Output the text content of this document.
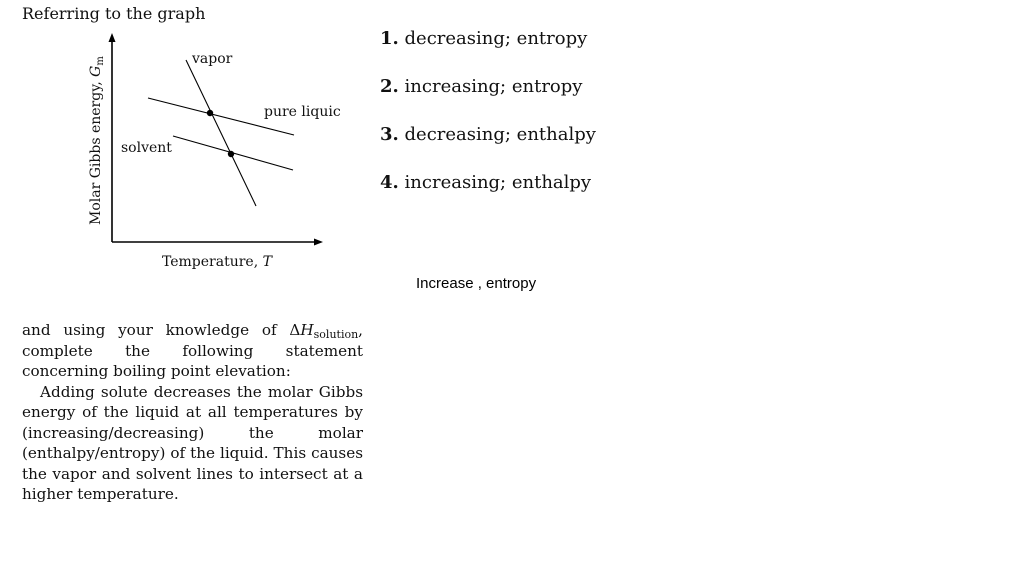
Referring to the graph
Molar Gibbs energy, $G_m$	vapor
pure liquic
solvent
Temperature, T
1. decreasing; entropy
2. increasing; entropy
3. decreasing; enthalpy
4. increasing; enthalpy
Increase , entropy

and using your knowledge of $\Delta H_{solution}$, complete the following statement concerning boiling point elevation:

Adding solute decreases the molar Gibbs energy of the liquid at all temperatures by (increasing/decreasing) the molar (enthalpy/entropy) of the liquid. This causes the vapor and solvent lines to intersect at a higher temperature.
